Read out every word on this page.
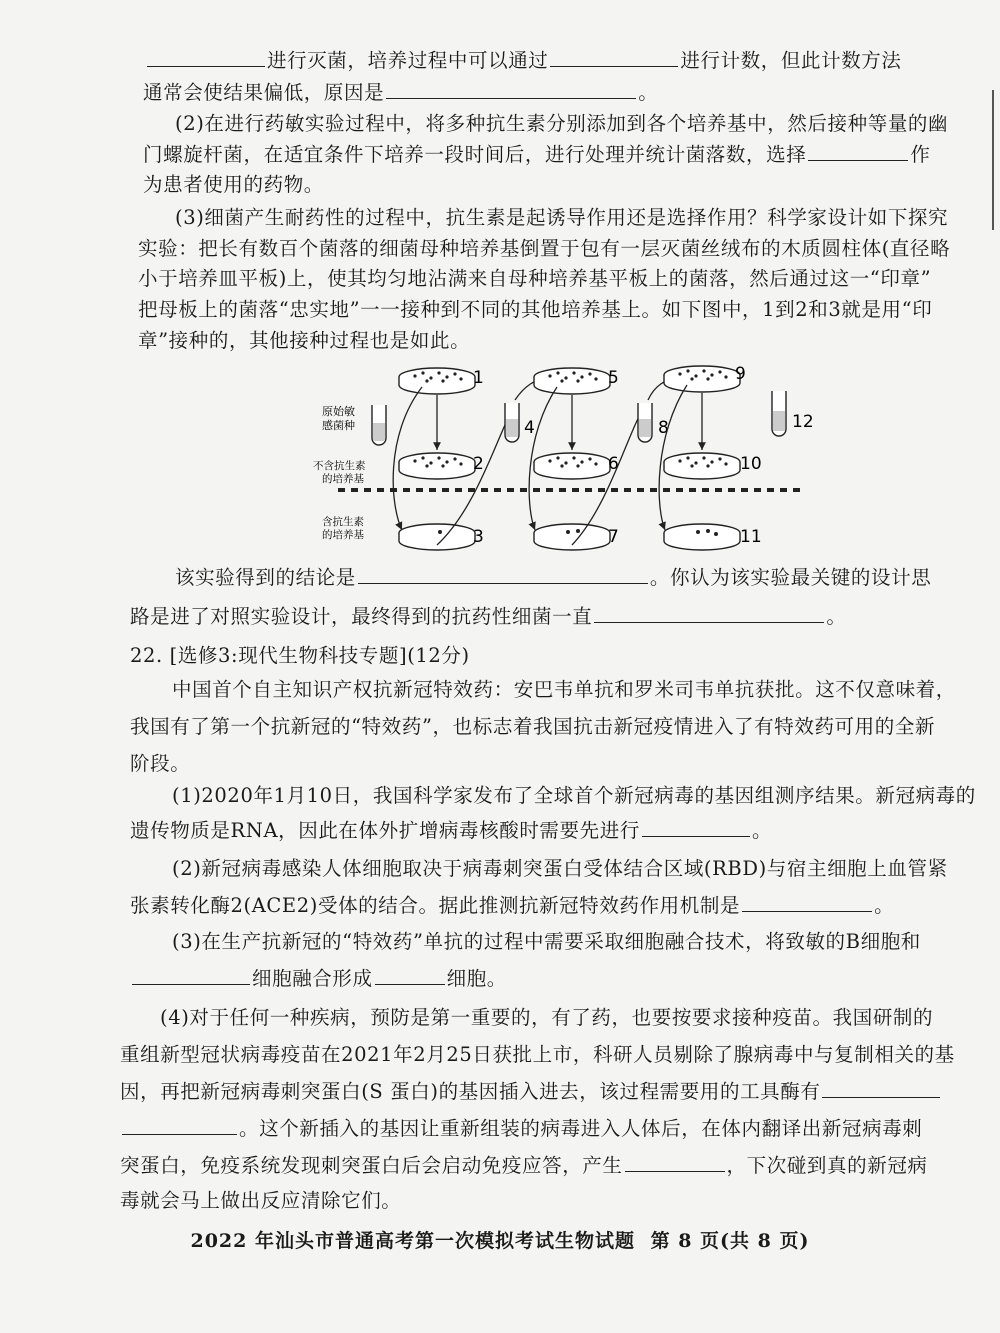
进行灭菌，培养过程中可以通过	进行计数，但此计数方法
通常会使结果偏低，原因是	。
(2)在进行药敏实验过程中，将多种抗生素分别添加到各个培养基中，然后接种等量的幽
门螺旋杆菌，在适宜条件下培养一段时间后，进行处理并统计菌落数，选择	作
为患者使用的药物。
(3)细菌产生耐药性的过程中，抗生素是起诱导作用还是选择作用？科学家设计如下探究
实验：把长有数百个菌落的细菌母种培养基倒置于包有一层灭菌丝绒布的木质圆柱体(直径略
小于培养皿平板)上，使其均匀地沾满来自母种培养基平板上的菌落，然后通过这一“印章”
把母板上的菌落“忠实地”一一接种到不同的其他培养基上。如下图中，1到2和3就是用“印
章”接种的，其他接种过程也是如此。
原始敏
感菌种
不含抗生素
的培养基
含抗生素
的培养基
1
2
3
4
5
6
7
8
9
12
10
11
该实验得到的结论是	。你认为该实验最关键的设计思
路是进了对照实验设计，最终得到的抗药性细菌一直	。
22. [选修3:现代生物科技专题](12分)
中国首个自主知识产权抗新冠特效药：安巴韦单抗和罗米司韦单抗获批。这不仅意味着，
我国有了第一个抗新冠的“特效药”，也标志着我国抗击新冠疫情进入了有特效药可用的全新
阶段。
(1)2020年1月10日，我国科学家发布了全球首个新冠病毒的基因组测序结果。新冠病毒的
遗传物质是RNA，因此在体外扩增病毒核酸时需要先进行	。
(2)新冠病毒感染人体细胞取决于病毒刺突蛋白受体结合区域(RBD)与宿主细胞上血管紧
张素转化酶2(ACE2)受体的结合。据此推测抗新冠特效药作用机制是	。
(3)在生产抗新冠的“特效药”单抗的过程中需要采取细胞融合技术，将致敏的B细胞和
细胞融合形成	细胞。
(4)对于任何一种疾病，预防是第一重要的，有了药，也要按要求接种疫苗。我国研制的
重组新型冠状病毒疫苗在2021年2月25日获批上市，科研人员剔除了腺病毒中与复制相关的基
因，再把新冠病毒刺突蛋白(S 蛋白)的基因插入进去，该过程需要用的工具酶有
。这个新插入的基因让重新组装的病毒进入人体后，在体内翻译出新冠病毒刺
突蛋白，免疫系统发现刺突蛋白后会启动免疫应答，产生	，下次碰到真的新冠病
毒就会马上做出反应清除它们。
2022 年汕头市普通高考第一次模拟考试生物试题 第 8 页(共 8 页)
